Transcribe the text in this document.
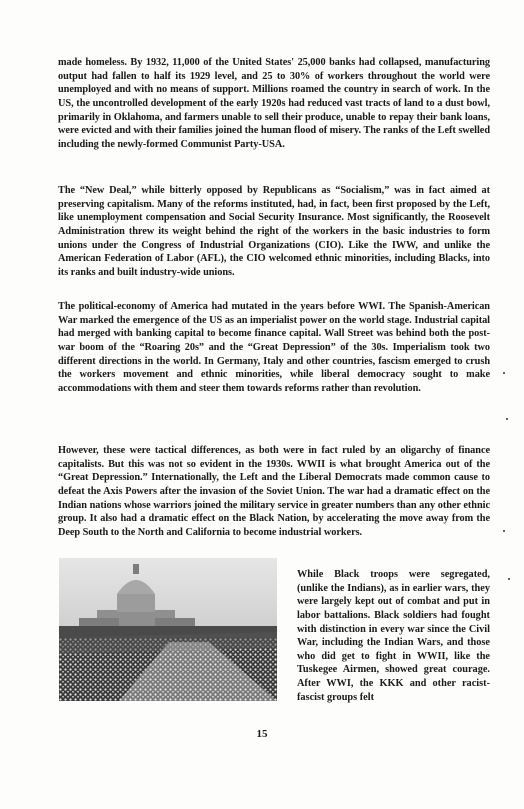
made homeless. By 1932, 11,000 of the United States' 25,000 banks had collapsed, manufacturing output had fallen to half its 1929 level, and 25 to 30% of workers throughout the world were unemployed and with no means of support. Millions roamed the country in search of work. In the US, the uncontrolled development of the early 1920s had reduced vast tracts of land to a dust bowl, primarily in Oklahoma, and farmers unable to sell their produce, unable to repay their bank loans, were evicted and with their families joined the human flood of misery. The ranks of the Left swelled including the newly-formed Communist Party-USA.

The “New Deal,” while bitterly opposed by Republicans as “Socialism,” was in fact aimed at preserving capitalism. Many of the reforms instituted, had, in fact, been first proposed by the Left, like unemployment compensation and Social Security Insurance. Most significantly, the Roosevelt Administration threw its weight behind the right of the workers in the basic industries to form unions under the Congress of Industrial Organizations (CIO). Like the IWW, and unlike the American Federation of Labor (AFL), the CIO welcomed ethnic minorities, including Blacks, into its ranks and built industry-wide unions.

The political-economy of America had mutated in the years before WWI. The Spanish-American War marked the emergence of the US as an imperialist power on the world stage. Industrial capital had merged with banking capital to become finance capital. Wall Street was behind both the post-war boom of the “Roaring 20s” and the “Great Depression” of the 30s. Imperialism took two different directions in the world. In Germany, Italy and other countries, fascism emerged to crush the workers movement and ethnic minorities, while liberal democracy sought to make accommodations with them and steer them towards reforms rather than revolution.

However, these were tactical differences, as both were in fact ruled by an oligarchy of finance capitalists. But this was not so evident in the 1930s. WWII is what brought America out of the “Great Depression.” Internationally, the Left and the Liberal Democrats made common cause to defeat the Axis Powers after the invasion of the Soviet Union. The war had a dramatic effect on the Indian nations whose warriors joined the military service in greater numbers than any other ethnic group. It also had a dramatic effect on the Black Nation, by accelerating the move away from the Deep South to the North and California to become industrial workers.

While Black troops were segregated, (unlike the Indians), as in earlier wars, they were largely kept out of combat and put in labor battalions. Black soldiers had fought with distinction in every war since the Civil War, including the Indian Wars, and those who did get to fight in WWII, like the Tuskegee Airmen, showed great courage. After WWI, the KKK and other racist-fascist groups felt

15
